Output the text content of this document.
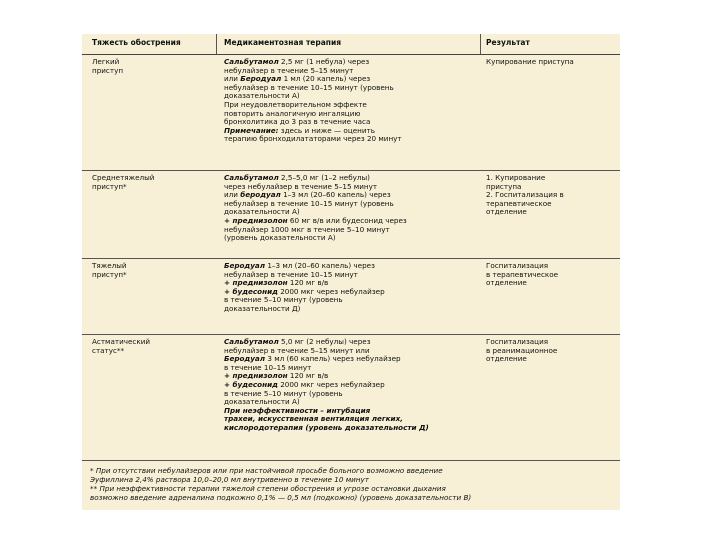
Тяжесть обострения	Медикаментозная терапия	Результат
Легкий
приступ
Сальбутамол 2,5 мг (1 небула) через
небулайзер в течение 5–15 минут
или Беродуал 1 мл (20 капель) через
небулайзер в течение 10–15 минут (уровень
доказательности А)
При неудовлетворительном эффекте
повторить аналогичную ингаляцию
бронхолитика до 3 раз в течение часа
Примечание: здесь и ниже — оценить
терапию бронходилататорами через 20 минут
Купирование приступа
Среднетяжелый
приступ*
Сальбутамол 2,5–5,0 мг (1–2 небулы)
через небулайзер в течение 5–15 минут
или беродуал 1–3 мл (20–60 капель) через
небулайзер в течение 10–15 минут (уровень
доказательности А)
+ преднизолон 60 мг в/в или будесонид через
небулайзер 1000 мкг в течение 5–10 минут
(уровень доказательности А)
1. Купирование
приступа
2. Госпитализация в
терапевтическое
отделение
Тяжелый
приступ*
Беродуал 1–3 мл (20–60 капель) через
небулайзер в течение 10–15 минут
+ преднизолон 120 мг в/в
+ будесонид 2000 мкг через небулайзер
в течение 5–10 минут (уровень
доказательности Д)
Госпитализация
в терапевтическое
отделение
Астматический
статус**
Сальбутамол 5,0 мг (2 небулы) через
небулайзер в течение 5–15 минут или
Беродуал 3 мл (60 капель) через небулайзер
в течение 10–15 минут
+ преднизолон 120 мг в/в
+ будесонид 2000 мкг через небулайзер
в течение 5–10 минут (уровень
доказательности А)
При неэффективности – интубация
трахеи, искусственная вентиляция легких,
кислородотерапия (уровень доказательности Д)
Госпитализация
в реанимационное
отделение
* При отсутствии небулайзеров или при настойчивой просьбе больного возможно введение
Эуфиллина 2,4% раствора 10,0–20,0 мл внутривенно в течение 10 минут
** При неэффективности терапии тяжелой степени обострения и угрозе остановки дыхания
возможно введение адреналина подкожно 0,1% — 0,5 мл (подкожно) (уровень доказательности В)
